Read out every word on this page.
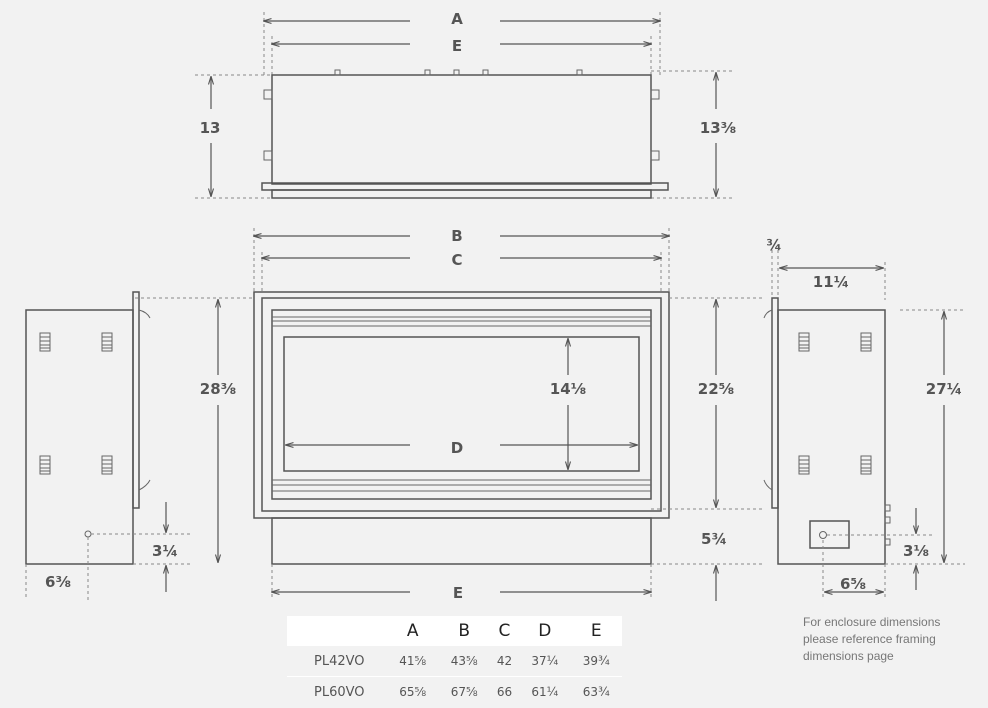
A
E
13	13⅜
B
C
D
14⅛
28⅜	22⅝
5¾
E
3¼
6⅜
¾
11¼
27¼
3⅛
6⅝
	A	B	C	D	E
PL42VO	41⅝	43⅝	42	37¼	39¾
PL60VO	65⅝	67⅝	66	61¼	63¾
For enclosure dimensions
please reference framing
dimensions page
